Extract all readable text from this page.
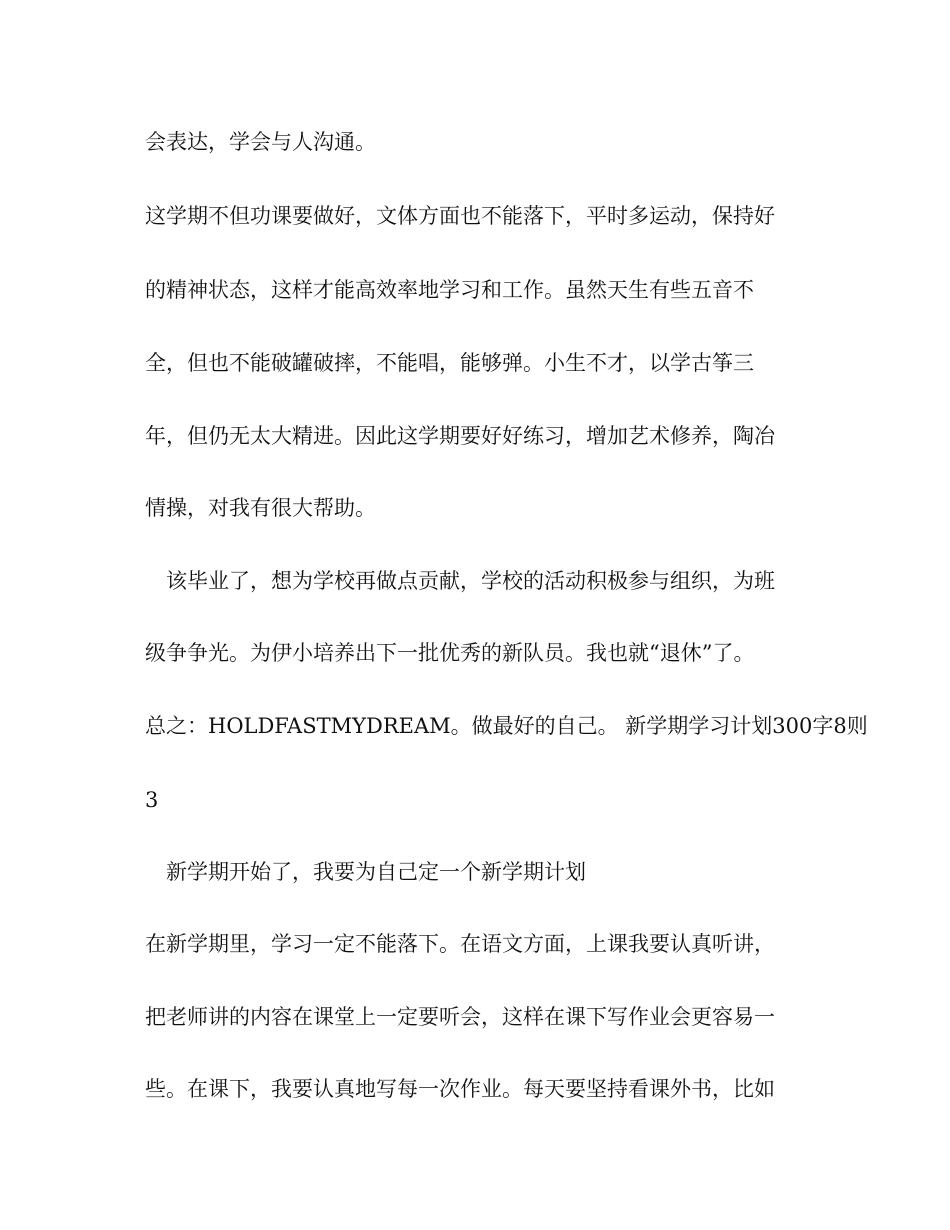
会表达，学会与人沟通。

这学期不但功课要做好，文体方面也不能落下，平时多运动，保持好

的精神状态，这样才能高效率地学习和工作。虽然天生有些五音不

全，但也不能破罐破摔，不能唱，能够弹。小生不才，以学古筝三

年，但仍无太大精进。因此这学期要好好练习，增加艺术修养，陶冶

情操，对我有很大帮助。

该毕业了，想为学校再做点贡献，学校的活动积极参与组织，为班

级争争光。为伊小培养出下一批优秀的新队员。我也就“退休”了。

总之：HOLDFASTMYDREAM。做最好的自己。 新学期学习计划300字8则

3

新学期开始了，我要为自己定一个新学期计划

在新学期里，学习一定不能落下。在语文方面，上课我要认真听讲，

把老师讲的内容在课堂上一定要听会，这样在课下写作业会更容易一

些。在课下，我要认真地写每一次作业。每天要坚持看课外书，比如
